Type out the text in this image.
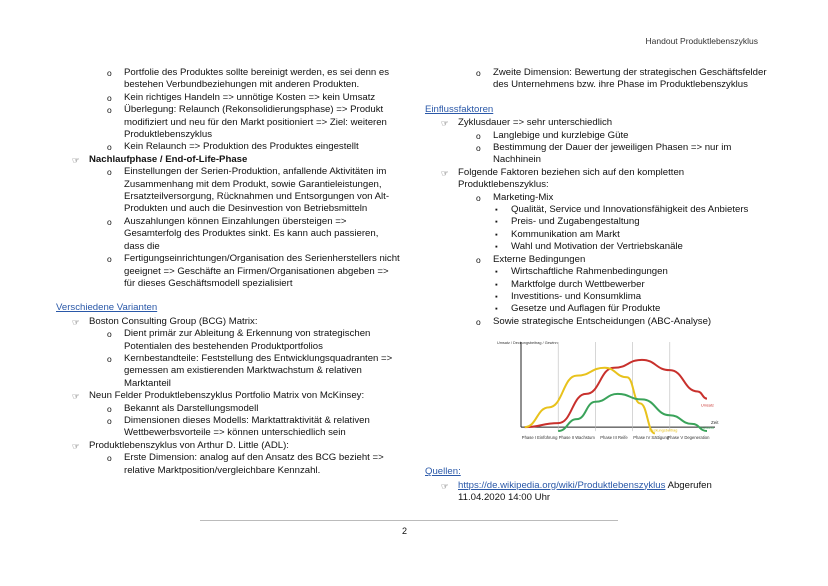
Handout Produktlebenszyklus
o Portfolie des Produktes sollte bereinigt werden, es sei denn es bestehen Verbundbeziehungen mit anderen Produkten.
o Kein richtiges Handeln => unnötige Kosten => kein Umsatz
o Überlegung: Relaunch (Rekonsolidierungsphase) => Produkt modifiziert und neu für den Markt positioniert => Ziel: weiteren Produktlebenszyklus
o Kein Relaunch => Produktion des Produktes eingestellt
☞ Nachlaufphase / End-of-Life-Phase
o Einstellungen der Serien-Produktion, anfallende Aktivitäten im Zusammenhang mit dem Produkt, sowie Garantieleistungen, Ersatzteilversorgung, Rücknahmen und Entsorgungen von Alt-Produkten und auch die Desinvestion von Betriebsmitteln
o Auszahlungen können Einzahlungen übersteigen => Gesamterfolg des Produktes sinkt. Es kann auch passieren, dass die
o Fertigungseinrichtungen/Organisation des Serienherstellers nicht geeignet => Geschäfte an Firmen/Organisationen abgeben => für dieses Geschäftsmodell spezialisiert
Verschiedene Varianten
☞ Boston Consulting Group (BCG) Matrix:
o Dient primär zur Ableitung & Erkennung von strategischen Potentialen des bestehenden Produktportfolios
o Kernbestandteile: Feststellung des Entwicklungsquadranten => gemessen am existierenden Marktwachstum & relativen Marktanteil
☞ Neun Felder Produktlebenszyklus Portfolio Matrix von McKinsey:
o Bekannt als Darstellungsmodell
o Dimensionen dieses Modells: Marktattraktivität & relativen Wettbewerbsvorteile => können unterschiedlich sein
☞ Produktlebenszyklus von Arthur D. Little (ADL):
o Erste Dimension: analog auf den Ansatz des BCG bezieht => relative Marktposition/vergleichbare Kennzahl.
o Zweite Dimension: Bewertung der strategischen Geschäftsfelder des Unternehmens bzw. ihre Phase im Produktlebenszyklus
Einflussfaktoren
☞ Zyklusdauer => sehr unterschiedlich
o Langlebige und kurzlebige Güte
o Bestimmung der Dauer der jeweiligen Phasen => nur im Nachhinein
☞ Folgende Faktoren beziehen sich auf den kompletten Produktlebenszyklus:
o Marketing-Mix
▪ Qualität, Service und Innovationsfähigkeit des Anbieters
▪ Preis- und Zugabengestaltung
▪ Kommunikation am Markt
▪ Wahl und Motivation der Vertriebskanäle
o Externe Bedingungen
▪ Wirtschaftliche Rahmenbedingungen
▪ Marktfolge durch Wettbewerber
▪ Investitions- und Konsumklima
▪ Gesetze und Auflagen für Produkte
o Sowie strategische Entscheidungen (ABC-Analyse)
Phase I Einführung Phase II Wachstum Phase III Reife Phase IV Sättigung
Phase V Degeneration
Umsatz / Deckungsbeitrag / Gewinn
Zeit
Umsatz
Deckungsbeitrag
Gewinn
Quellen:
☞ https://de.wikipedia.org/wiki/Produktlebenszyklus Abgerufen
11.04.2020 14:00 Uhr
2
